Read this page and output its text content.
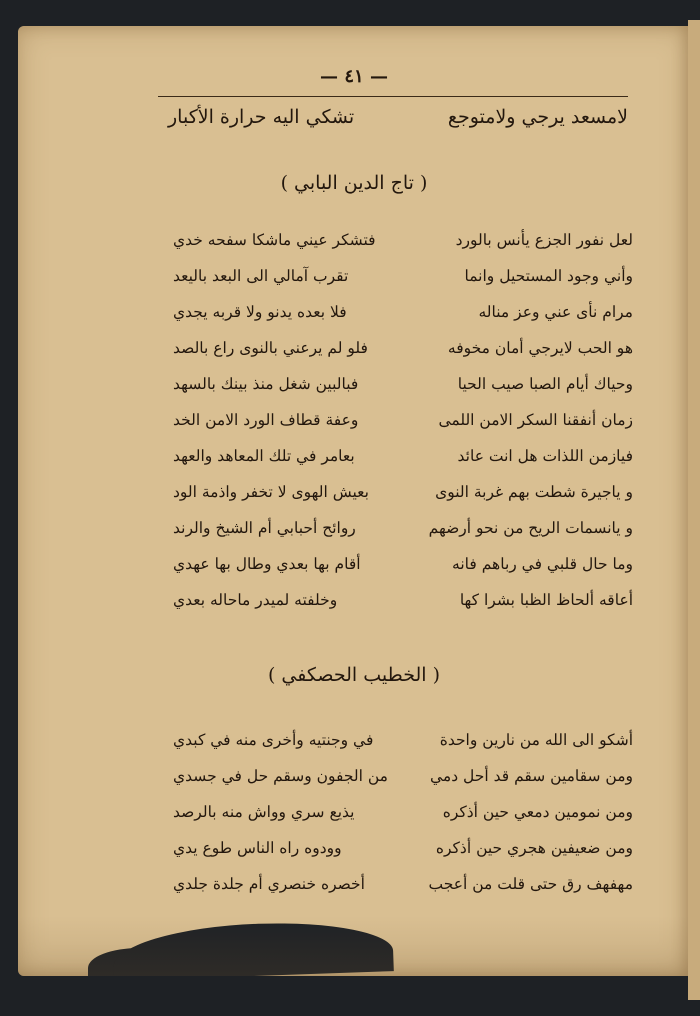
— ٤١ —
لامسعد يرجي ولامتوجع
تشكي اليه حرارة الأكبار
( تاج الدين البابي )
لعل نفور الجزع يأنس بالورد
فتشكر عيني ماشكا سفحه خدي
وأني وجود المستحيل وانما
تقرب آمالي الى البعد باليعد
مرام نأى عني وعز مناله
فلا بعده يدنو ولا قربه يجدي
هو الحب لايرجي أمان مخوفه
فلو لم يرعني بالنوى راع بالصد
وحياك أيام الصبا صيب الحيا
فبالبين شغل منذ بينك بالسهد
زمان أنفقنا السكر الامن اللمى
وعفة قطاف الورد الامن الخد
فيازمن اللذات هل انت عائد
بعامر في تلك المعاهد والعهد
و ياجيرة شطت بهم غربة النوى
بعيش الهوى لا تخفر واذمة الود
و يانسمات الريح من نحو أرضهم
روائح أحبابي أم الشيخ والرند
وما حال قلبي في رباهم فانه
أقام بها بعدي وطال بها عهدي
أعاقه ألحاظ الظبا بشرا كها
وخلفته لميدر ماحاله بعدي
( الخطيب الحصكفي )
أشكو الى الله من نارين واحدة
في وجنتيه وأخرى منه في كبدي
ومن سقامين سقم قد أحل دمي
من الجفون وسقم حل في جسدي
ومن نمومين دمعي حين أذكره
يذيع سري وواش منه بالرصد
ومن ضعيفين هجري حين أذكره
وودوه راه الناس طوع يدي
مهفهف رق حتى قلت من أعجب
أخصره خنصري أم جلدة جلدي
